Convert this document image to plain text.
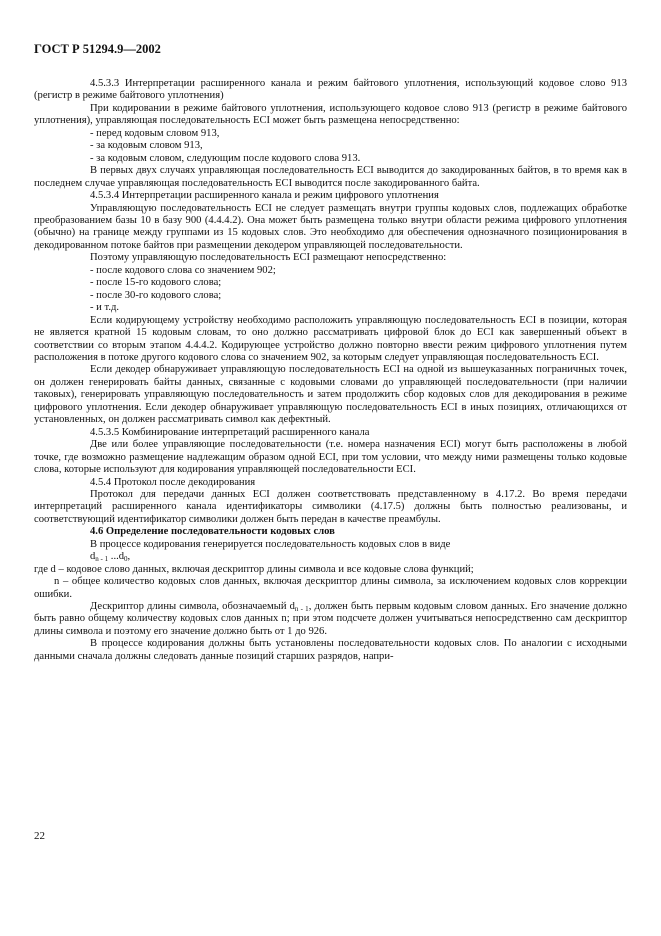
ГОСТ Р 51294.9—2002

4.5.3.3 Интерпретации расширенного канала и режим байтового уплотнения, использующий кодовое слово 913 (регистр в режиме байтового уплотнения)

При кодировании в режиме байтового уплотнения, использующего кодовое слово 913 (регистр в режиме байтового уплотнения), управляющая последовательность ECI может быть размещена непосредственно:

- перед кодовым словом 913,

- за кодовым словом 913,

- за кодовым словом, следующим после кодового слова 913.

В первых двух случаях управляющая последовательность ECI выводится до закодированных байтов, в то время как в последнем случае управляющая последовательность ECI выводится после закодированного байта.

4.5.3.4 Интерпретации расширенного канала и режим цифрового уплотнения

Управляющую последовательность ECI не следует размещать внутри группы кодовых слов, подлежащих обработке преобразованием базы 10 в базу 900 (4.4.4.2). Она может быть размещена только внутри области режима цифрового уплотнения (обычно) на границе между группами из 15 кодовых слов. Это необходимо для обеспечения однозначного позиционирования в декодированном потоке байтов при размещении декодером управляющей последовательности.

Поэтому управляющую последовательность ECI размещают непосредственно:

- после кодового слова со значением 902;

- после 15-го кодового слова;

- после 30-го кодового слова;

- и т.д.

Если кодирующему устройству необходимо расположить управляющую последовательность ECI в позиции, которая не является кратной 15 кодовым словам, то оно должно рассматривать цифровой блок до ECI как завершенный объект в соответствии со вторым этапом 4.4.4.2. Кодирующее устройство должно повторно ввести режим цифрового уплотнения путем расположения в потоке другого кодового слова со значением 902, за которым следует управляющая последовательность ECI.

Если декодер обнаруживает управляющую последовательность ECI на одной из вышеуказанных пограничных точек, он должен генерировать байты данных, связанные с кодовыми словами до управляющей последовательности (при наличии таковых), генерировать управляющую последовательность и затем продолжить сбор кодовых слов для декодирования в режиме цифрового уплотнения. Если декодер обнаруживает управляющую последовательность ECI в иных позициях, отличающихся от установленных, он должен рассматривать символ как дефектный.

4.5.3.5 Комбинирование интерпретаций расширенного канала

Две или более управляющие последовательности (т.е. номера назначения ECI) могут быть расположены в любой точке, где возможно размещение надлежащим образом одной ECI, при том условии, что между ними размещены только кодовые слова, которые используют для кодирования управляющей последовательности ECI.

4.5.4 Протокол после декодирования

Протокол для передачи данных ECI должен соответствовать представленному в 4.17.2. Во время передачи интерпретаций расширенного канала идентификаторы символики (4.17.5) должны быть полностью реализованы, и соответствующий идентификатор символики должен быть передан в качестве преамбулы.

4.6 Определение последовательности кодовых слов

В процессе кодирования генерируется последовательность кодовых слов в виде

$d_{n - 1}$ $...d_0$,

где d – кодовое слово данных, включая дескриптор длины символа и все кодовые слова функций;

n – общее количество кодовых слов данных, включая дескриптор длины символа, за исключением кодовых слов коррекции ошибки.

Дескриптор длины символа, обозначаемый $d_{n - 1}$, должен быть первым кодовым словом данных. Его значение должно быть равно общему количеству кодовых слов данных n; при этом подсчете должен учитываться непосредственно сам дескриптор длины символа и поэтому его значение должно быть от 1 до 926.

В процессе кодирования должны быть установлены последовательности кодовых слов. По аналогии с исходными данными сначала должны следовать данные позиций старших разрядов, напри-

22
